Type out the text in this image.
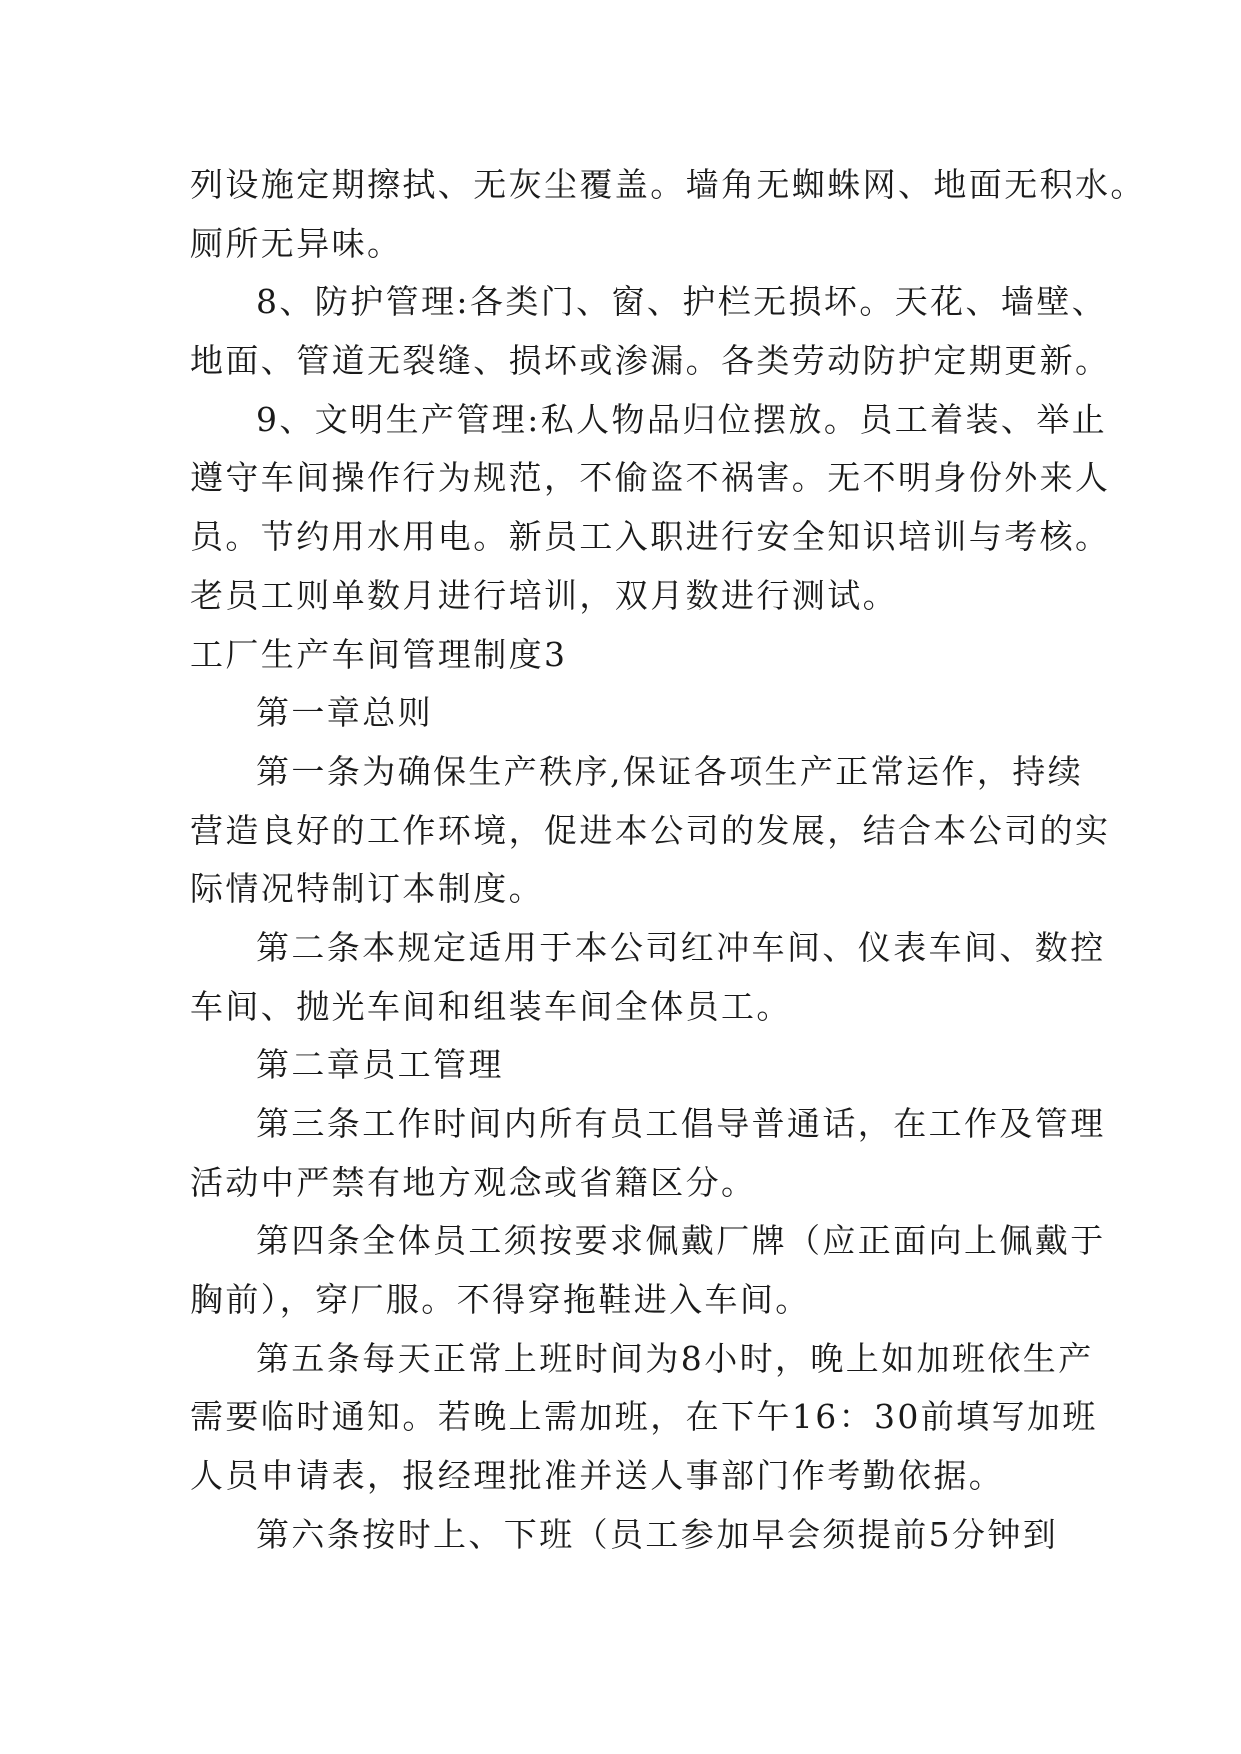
列设施定期擦拭、无灰尘覆盖。墙角无蜘蛛网、地面无积水。
厕所无异味。
8、防护管理:各类门、窗、护栏无损坏。天花、墙壁、
地面、管道无裂缝、损坏或渗漏。各类劳动防护定期更新。
9、文明生产管理:私人物品归位摆放。员工着装、举止
遵守车间操作行为规范，不偷盗不祸害。无不明身份外来人
员。节约用水用电。新员工入职进行安全知识培训与考核。
老员工则单数月进行培训，双月数进行测试。
工厂生产车间管理制度3
第一章总则
第一条为确保生产秩序,保证各项生产正常运作，持续
营造良好的工作环境，促进本公司的发展，结合本公司的实
际情况特制订本制度。
第二条本规定适用于本公司红冲车间、仪表车间、数控
车间、抛光车间和组装车间全体员工。
第二章员工管理
第三条工作时间内所有员工倡导普通话，在工作及管理
活动中严禁有地方观念或省籍区分。
第四条全体员工须按要求佩戴厂牌（应正面向上佩戴于
胸前），穿厂服。不得穿拖鞋进入车间。
第五条每天正常上班时间为8小时，晚上如加班依生产
需要临时通知。若晚上需加班，在下午16：30前填写加班
人员申请表，报经理批准并送人事部门作考勤依据。
第六条按时上、下班（员工参加早会须提前5分钟到
